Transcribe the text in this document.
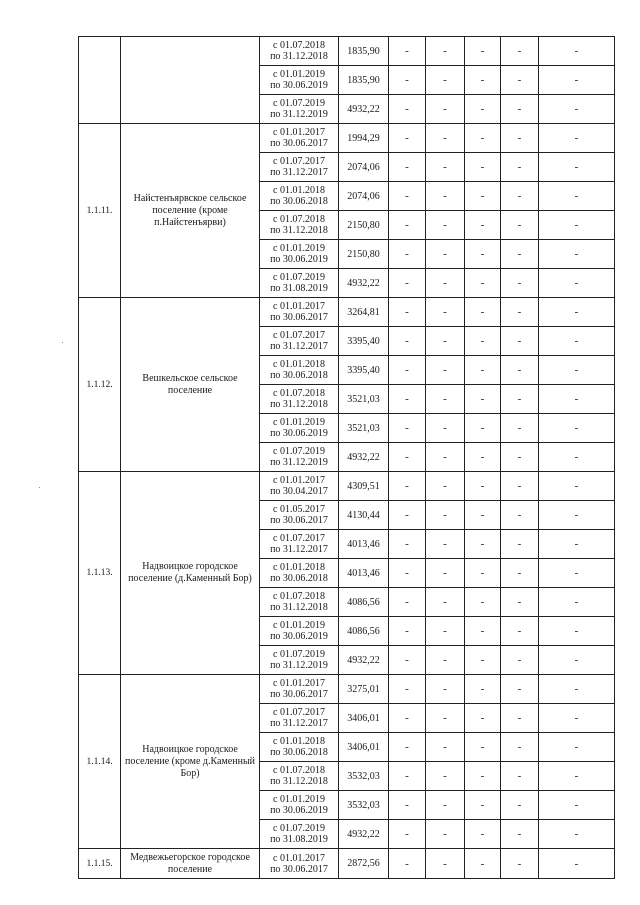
		с 01.07.2018
по 31.12.2018	1835,90	-	-	-	-	-

		с 01.01.2019
по 30.06.2019	1835,90	-	-	-	-	-

		с 01.07.2019
по 31.12.2019	4932,22	-	-	-	-	-
1.1.11.	Найстенъярвское сельское поселение (кроме п.Найстенъярви)	с 01.01.2017
по 30.06.2017	1994,29	-	-	-	-	-

		с 01.07.2017
по 31.12.2017	2074,06	-	-	-	-	-

		с 01.01.2018
по 30.06.2018	2074,06	-	-	-	-	-

		с 01.07.2018
по 31.12.2018	2150,80	-	-	-	-	-

		с 01.01.2019
по 30.06.2019	2150,80	-	-	-	-	-

		с 01.07.2019
по 31.08.2019	4932,22	-	-	-	-	-
1.1.12.	Вешкельское сельское поселение	с 01.01.2017
по 30.06.2017	3264,81	-	-	-	-	-

		с 01.07.2017
по 31.12.2017	3395,40	-	-	-	-	-

		с 01.01.2018
по 30.06.2018	3395,40	-	-	-	-	-

		с 01.07.2018
по 31.12.2018	3521,03	-	-	-	-	-

		с 01.01.2019
по 30.06.2019	3521,03	-	-	-	-	-

		с 01.07.2019
по 31.12.2019	4932,22	-	-	-	-	-
1.1.13.	Надвоицкое городское поселение (д.Каменный Бор)	с 01.01.2017
по 30.04.2017	4309,51	-	-	-	-	-

		с 01.05.2017
по 30.06.2017	4130,44	-	-	-	-	-

		с 01.07.2017
по 31.12.2017	4013,46	-	-	-	-	-

		с 01.01.2018
по 30.06.2018	4013,46	-	-	-	-	-

		с 01.07.2018
по 31.12.2018	4086,56	-	-	-	-	-

		с 01.01.2019
по 30.06.2019	4086,56	-	-	-	-	-

		с 01.07.2019
по 31.12.2019	4932,22	-	-	-	-	-
1.1.14.	Надвоицкое городское поселение (кроме д.Каменный Бор)	с 01.01.2017
по 30.06.2017	3275,01	-	-	-	-	-

		с 01.07.2017
по 31.12.2017	3406,01	-	-	-	-	-

		с 01.01.2018
по 30.06.2018	3406,01	-	-	-	-	-

		с 01.07.2018
по 31.12.2018	3532,03	-	-	-	-	-

		с 01.01.2019
по 30.06.2019	3532,03	-	-	-	-	-

		с 01.07.2019
по 31.08.2019	4932,22	-	-	-	-	-
1.1.15.	Медвежьегорское городское поселение	с 01.01.2017
по 30.06.2017	2872,56	-	-	-	-	-
